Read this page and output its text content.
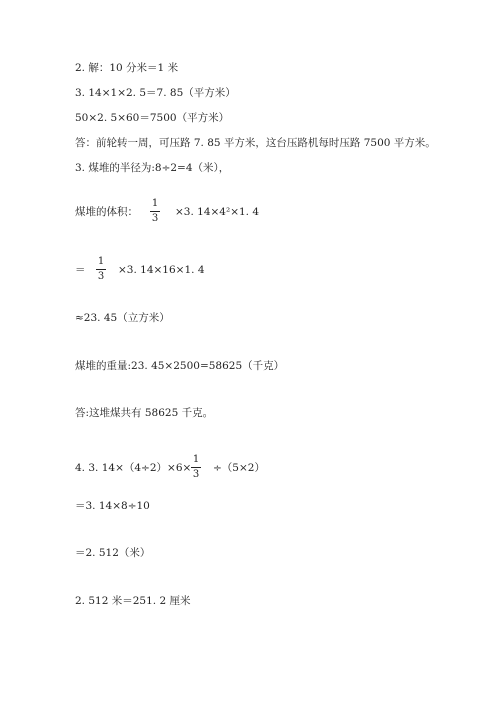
2. 解：10 分米＝1 米
3. 14×1×2. 5＝7. 85（平方米）
50×2. 5×60＝7500（平方米）
答：前轮转一周，可压路 7. 85 平方米，这台压路机每时压路 7500 平方米。
3. 煤堆的半径为:8÷2=4（米），
煤堆的体积：
1
3
×3. 14×4²×1. 4
＝
1
3
×3. 14×16×1. 4
≈23. 45（立方米）
煤堆的重量:23. 45×2500=58625（千克）
答:这堆煤共有 58625 千克。
4. 3. 14×（4÷2）×6×
1
3
÷（5×2）
＝3. 14×8÷10
＝2. 512（米）
2. 512 米＝251. 2 厘米
